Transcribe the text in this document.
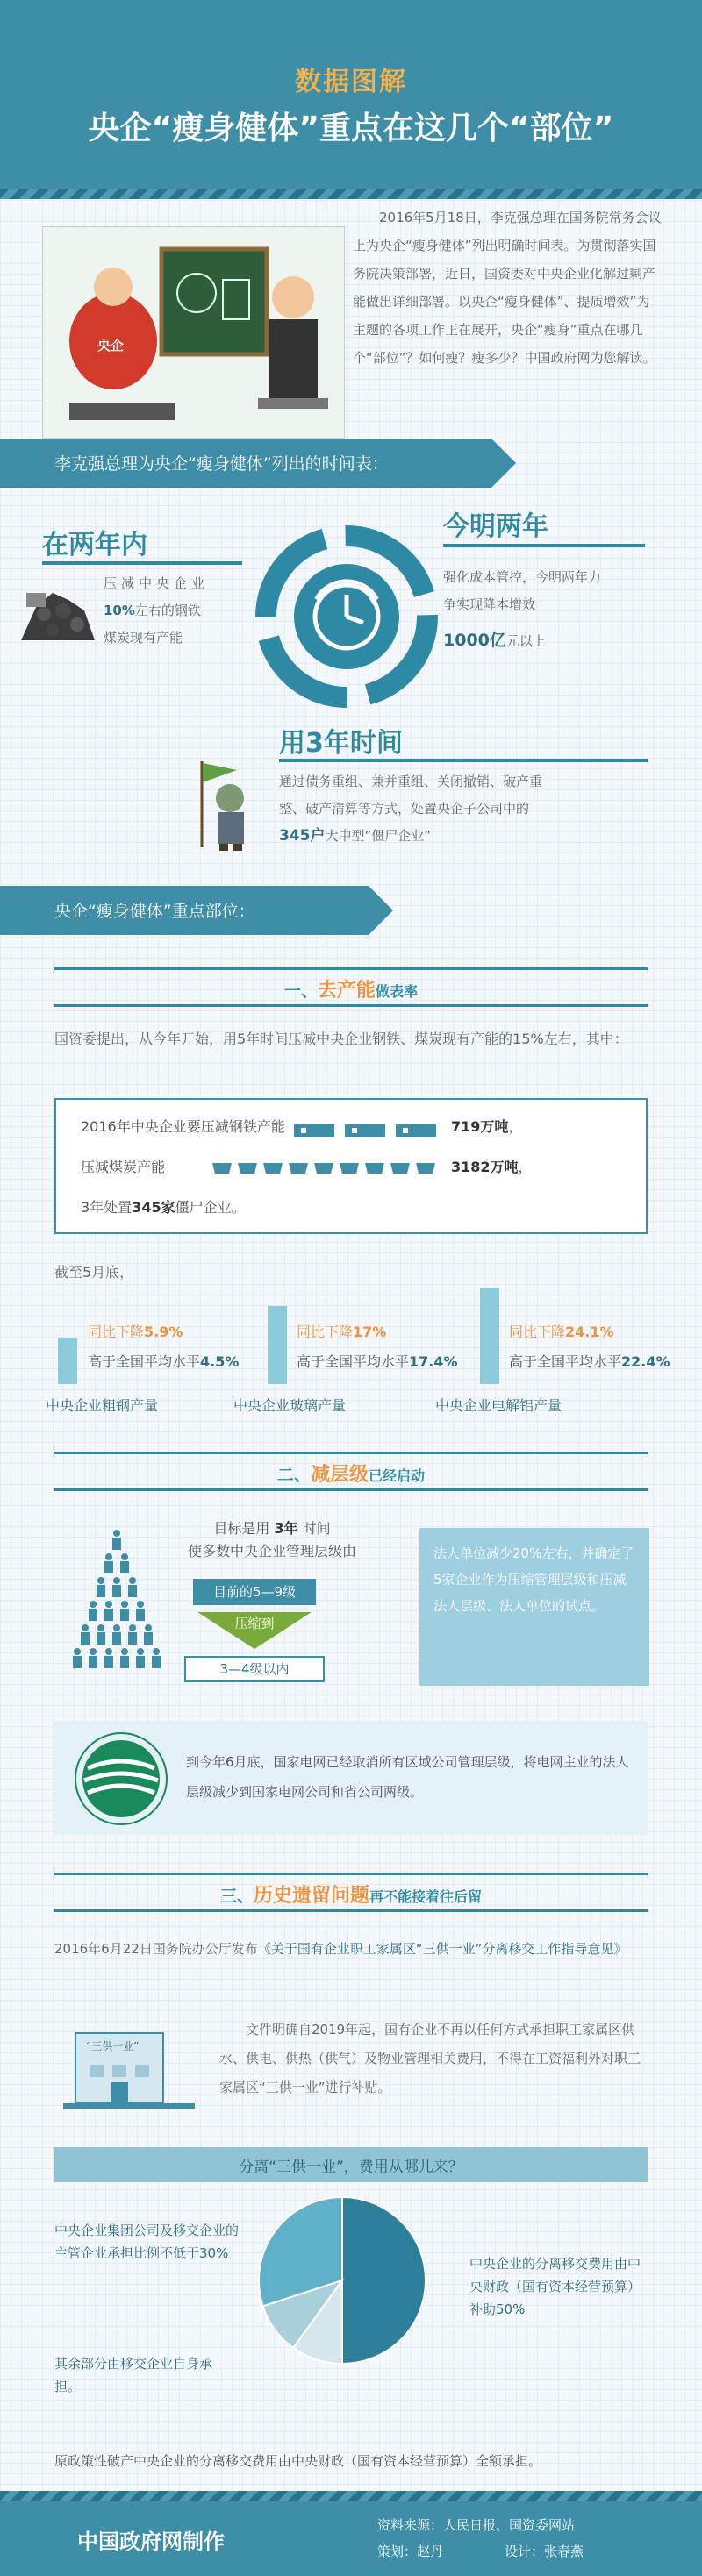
数据图解
央企“瘦身健体”重点在这几个“部位”
央企
2016年5月18日，李克强总理在国务院常务会议上为央企“瘦身健体”列出明确时间表。为贯彻落实国务院决策部署，近日，国资委对中央企业化解过剩产能做出详细部署。以央企“瘦身健体”、提质增效”为主题的各项工作正在展开，央企“瘦身”重点在哪几个“部位”？如何瘦？瘦多少？中国政府网为您解读。
李克强总理为央企“瘦身健体”列出的时间表：
在两年内
压减中央企业
10%左右的钢铁
煤炭现有产能
今明两年
强化成本管控，今明两年力
争实现降本增效
1000亿元以上
用3年时间
通过债务重组、兼并重组、关闭撤销、破产重
整、破产清算等方式，处置央企子公司中的
345户大中型“僵尸企业”
央企“瘦身健体”重点部位：
一、去产能做表率
国资委提出，从今年开始，用5年时间压减中央企业钢铁、煤炭现有产能的15%左右，其中：
2016年中央企业要压减钢铁产能	719万吨，
压减煤炭产能	3182万吨，
3年处置345家僵尸企业。
截至5月底，
同比下降5.9%
高于全国平均水平4.5%
中央企业粗钢产量
同比下降17%
高于全国平均水平17.4%
中央企业玻璃产量
同比下降24.1%
高于全国平均水平22.4%
中央企业电解铝产量
二、减层级已经启动
目标是用 3年 时间
使多数中央企业管理层级由
目前的5—9级
压缩到
3—4级以内
法人单位减少20%左右，并确定了5家企业作为压缩管理层级和压减法人层级、法人单位的试点。
到今年6月底，国家电网已经取消所有区域公司管理层级，将电网主业的法人层级减少到国家电网公司和省公司两级。
三、历史遗留问题再不能接着往后留
2016年6月22日国务院办公厅发布《关于国有企业职工家属区“三供一业”分离移交工作指导意见》
“三供一业”
文件明确自2019年起，国有企业不再以任何方式承担职工家属区供水、供电、供热（供气）及物业管理相关费用，不得在工资福利外对职工家属区“三供一业”进行补贴。
分离“三供一业”，费用从哪儿来？
中央企业集团公司及移交企业的主管企业承担比例不低于30%
其余部分由移交企业自身承担。
中央企业的分离移交费用由中央财政（国有资本经营预算）补助50%
原政策性破产中央企业的分离移交费用由中央财政（国有资本经营预算）全额承担。
中国政府网制作
资料来源：人民日报、国资委网站
策划：赵丹	设计：张春燕
